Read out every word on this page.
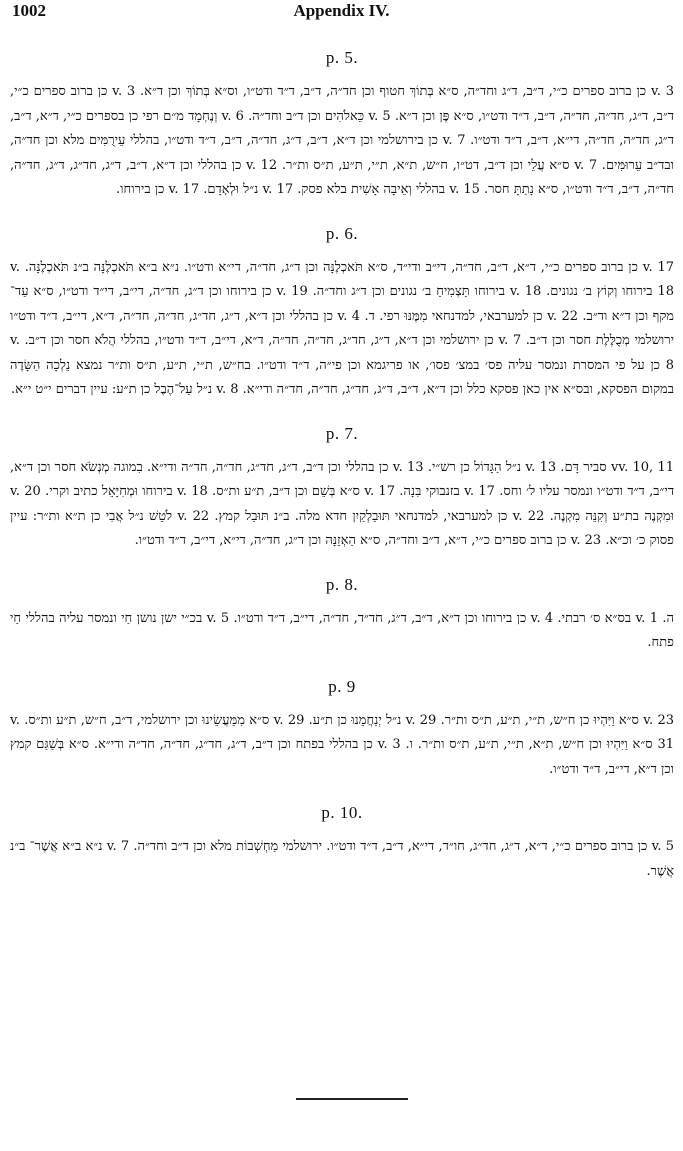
1002	Appendix IV.
p. 5.

v. 3 כן ברוב ספרים כ״י, ד״ב, ד״ג וחד״ה, ס״א בְּתוֹךְ חטוף וכן חד״ה, ד״ב, ד״ד ודט״ו, וס״א בְּתוֹךְ וכן ד״א. v. 3 כן ברוב ספרים כ״י, ד״ב, ד״ג, חד״ה, חד״ה, ד״ב, ד״ד ודט״ו, ס״א פֶּן וכן ד״א. v. 5 כֵּאלֹהִים וכן ד״ב וחד״ה. v. 6 וְנֶחְמָד מ״ם רפי כן בספרים כ״י, ד״א, ד״ב, ד״ג, חד״ה, חד״ה, די״א, ד״ב, ד״ד ודט״ו. v. 7 כן בירושלמי וכן ד״א, ד״ב, ד״ג, חד״ה, ד״ב, ד״ד ודט״ו, בהללי עֵירֻמִּים מלא וכן חד״ה, ובד״ב עֵרוּמִּים. v. 7 ס״א עֲלֵי וכן ד״ב, דט״ו, ח״ש, ת״א, ת״י, ת״ע, ת״ס ות״ר. v. 12 כן בהללי וכן ד״א, ד״ב, ד״ג, חד״ג, ד״ג, חד״ה, חד״ה, ד״ב, ד״ד ודט״ו, ס״א נָתַתָּ חסר. v. 15 בהללי וְאֵיבָה אָשִׁית בלא פסק. v. 17 נ״ל וּלְאָדָם. v. 17 כן בירוחו.

p. 6.

v. 17 כן ברוב ספרים כ״י, ד״א, ד״ב, חד״ה, די״ב ודי״ד, ס״א תֹּאכְלֶנָּה וכן ד״ג, חד״ה, די״א ודט״ו. נ״א ב״א תֹּאכְלֶנָּה ב״נ תֹּאכְלֶנָּה. v. 18 בירוחו וְקוֹץ ב׳ נגונים. v. 18 בירוחו תַּצְמִיחַ ב׳ נגונים וכן ד״ג וחד״ה. v. 19 כן בירוחו וכן ד״ג, חד״ה, די״ב, די״ד ודט״ו, ס״א עַד־ מקף וכן ד״א וד״ב. v. 22 כן למערבאי, למדנחאי מִמֶּנּוּ רפי. ד. v. 4 כן בהללי וכן ד״א, ד״ג, חד״ג, חד״ה, חד״ה, ד״א, די״ב, ד״ד ודט״ו ירושלמי מְכֻלֶּלֶת חסר וכן ד״ב. v. 7 כן ירושלמי וכן ד״א, ד״ג, חד״ג, חד״ה, חד״ה, ד״א, די״ב, ד״ד ודט״ו, בהללי הֲלֹא חסר וכן ד״ב. v. 8 כן על פי המסרת ונמסר עליה פס׳ במצ׳ פסו׳, או פריגמא וכן פי״ה, ד״ד ודט״ו. בח״ש, ת״י, ת״ע, ת״ס ות״ר נמצא נֵלְכָה הַשָּׂדֶה במקום הפסקא, ובס״א אין כאן פסקא כלל וכן ד״א, ד״ב, ד״ג, חד״ג, חד״ה, חד״ה ודי״א. v. 8 נ״ל עַל־הֶבֶל כן ת״ע: עיין דברים י״ט י״א.

p. 7.

vv. 10, 11 סביר דָּם. v. 13 נ״ל הַגָּדוֹל כן רש״י. v. 13 כן בהללי וכן ד״ב, ד״ג, חד״ג, חד״ה, חד״ה ודי״א. בִמוגה מְנְשֹׂא חסר וכן ד״א, די״ב, ד״ד ודט״ו ונמסר עליו ל׳ וחס. v. 17 בזנבוקי בִּנָה. v. 17 ס״א בְּשֵׁם וכן ד״ב, ת״ע ות״ס. v. 18 בירוחו וּמְחִיָּאֵל כתיב וקרי. v. 20 וּמִקְנֶה בת״ע וְקִנֵּה מִקְנֶה. v. 22 כן למערבאי, למדנחאי תּוּבַלְקַיִן חדא מלה. ב״נ תּוּבַל קמץ. v. 22 לֹטֵשׁ נ״ל אֲבִי כן ת״א ות״ר: עיין פסוק כ׳ וכ״א. v. 23 כן ברוב ספרים כ״י, ד״א, ד״ב וחד״ה, ס״א הַאְזֵנָּה וכן ד״ג, חד״ה, די״א, די״ב, ד״ד ודט״ו.

p. 8.

ה. v. 1 בס״א ס׳ רבתי. v. 4 כן בירוחו וכן ד״א, ד״ב, ד״ג, חד״ד, חד״ה, די״ב, ד״ד ודט״ו. v. 5 בכ״י ישן נושן חַי ונמסר עליה בהללי חַי פתח.

p. 9

v. 23 ס״א וַיִּהְיוּ כן ח״ש, ת״י, ת״ע, ת״ס ות״ר. v. 29 נ״ל יְנַחֲמֵנוּ כן ת״ע. v. 29 ס״א מִמַּעֲשֵׂינוּ וכן ירושלמי, ד״ב, ח״ש, ת״ע ות״ס. v. 31 ס״א וַיִּהְיוּ וכן ח״ש, ת״א, ת״י, ת״ע, ת״ס ות״ר. ו. v. 3 כן בהללי בפתח וכן ד״ב, ד״ג, חד״ג, חד״ה, חד״ה ודי״א. ס״א בְּשַׁגַּם קמץ וכן ד״א, די״ב, ד״ד ודט״ו.

p. 10.

v. 5 כן ברוב ספרים כ״י, ד״א, ד״ג, חד״ג, חו״ד, די״א, ד״ב, ד״ד ודט״ו. ירושלמי מַחְשְׁבוֹת מלא וכן ד״ב וחד״ה. v. 7 נ״א ב״א אֲשֶׁר־ ב״נ אֲשֶׁר.
